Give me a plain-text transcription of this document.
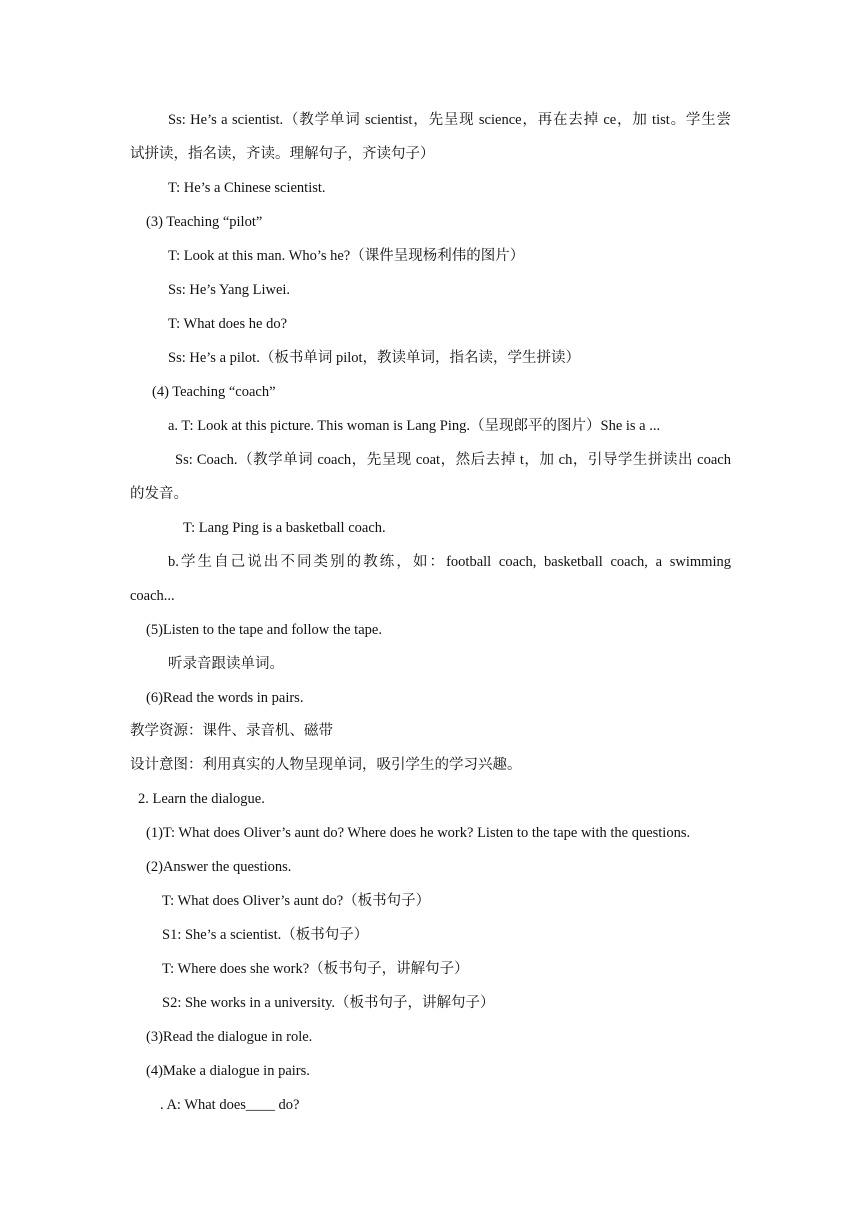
Ss: He’s a scientist.（教学单词 scientist，先呈现 science，再在去掉 ce，加 tist。学生尝
试拼读，指名读，齐读。理解句子，齐读句子）
T: He’s a Chinese scientist.
(3) Teaching “pilot”
T: Look at this man. Who’s he?（课件呈现杨利伟的图片）
Ss: He’s Yang Liwei.
T: What does he do?
Ss: He’s a pilot.（板书单词 pilot，教读单词，指名读，学生拼读）
(4) Teaching “coach”
a. T: Look at this picture. This woman is Lang Ping.（呈现郎平的图片）She is a ...
Ss: Coach.（教学单词 coach，先呈现 coat，然后去掉 t，加 ch，引导学生拼读出 coach
的发音。
T: Lang Ping is a basketball coach.
b.学生自己说出不同类别的教练，如：football coach, basketball coach, a swimming
coach...
(5)Listen to the tape and follow the tape.
听录音跟读单词。
(6)Read the words in pairs.
教学资源：课件、录音机、磁带
设计意图：利用真实的人物呈现单词，吸引学生的学习兴趣。
2. Learn the dialogue.
(1)T: What does Oliver’s aunt do? Where does he work? Listen to the tape with the questions.
(2)Answer the questions.
T: What does Oliver’s aunt do?（板书句子）
S1: She’s a scientist.（板书句子）
T: Where does she work?（板书句子，讲解句子）
S2: She works in a university.（板书句子，讲解句子）
(3)Read the dialogue in role.
(4)Make a dialogue in pairs.
. A: What does____ do?
